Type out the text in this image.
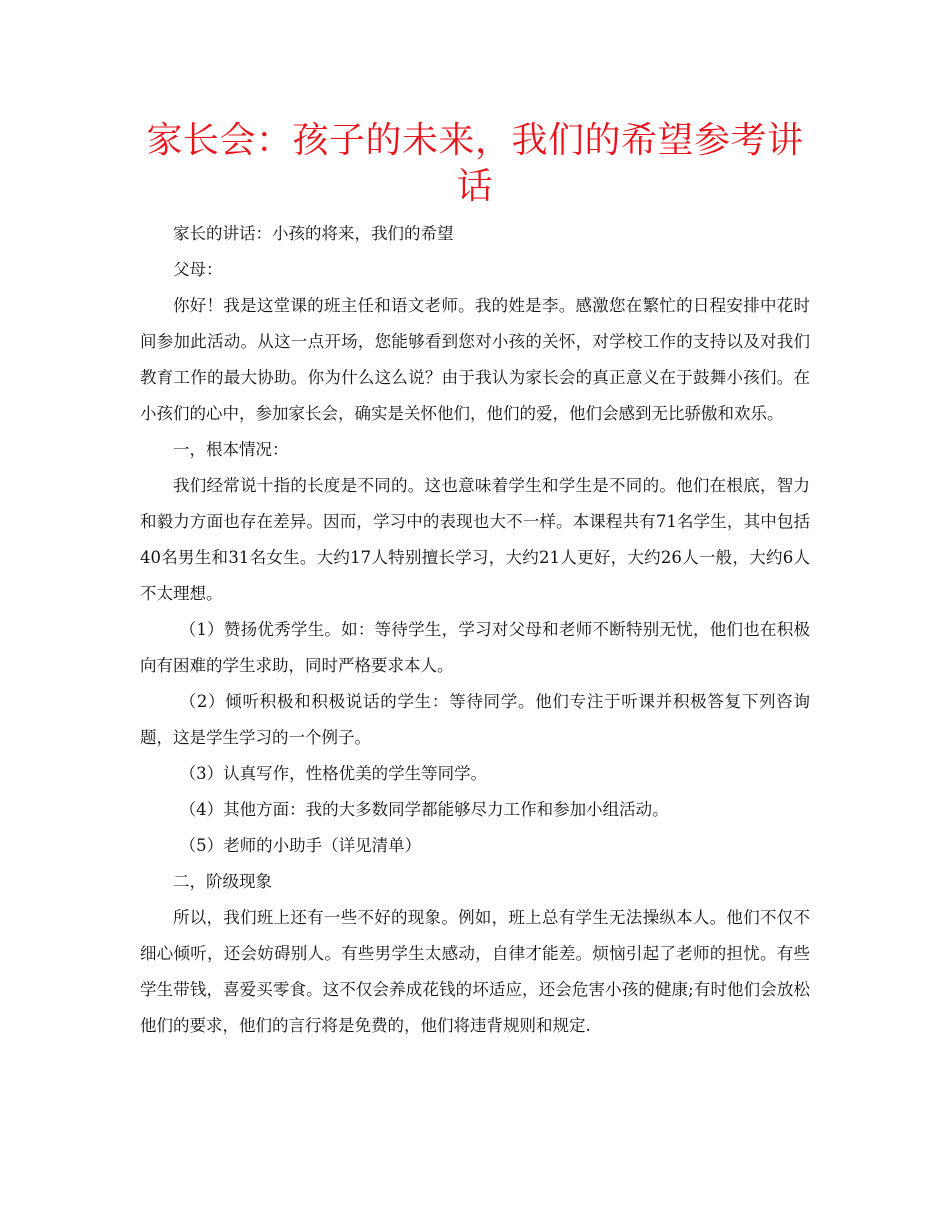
家长会：孩子的未来，我们的希望参考讲话

家长的讲话：小孩的将来，我们的希望

父母：

你好！我是这堂课的班主任和语文老师。我的姓是李。感激您在繁忙的日程安排中花时间参加此活动。从这一点开场，您能够看到您对小孩的关怀，对学校工作的支持以及对我们教育工作的最大协助。你为什么这么说？由于我认为家长会的真正意义在于鼓舞小孩们。在小孩们的心中，参加家长会，确实是关怀他们，他们的爱，他们会感到无比骄傲和欢乐。

一，根本情况：

我们经常说十指的长度是不同的。这也意味着学生和学生是不同的。他们在根底，智力和毅力方面也存在差异。因而，学习中的表现也大不一样。本课程共有71名学生，其中包括40名男生和31名女生。大约17人特别擅长学习，大约21人更好，大约26人一般，大约6人不太理想。

（1）赞扬优秀学生。如：等待学生，学习对父母和老师不断特别无忧，他们也在积极向有困难的学生求助，同时严格要求本人。

（2）倾听积极和积极说话的学生：等待同学。他们专注于听课并积极答复下列咨询题，这是学生学习的一个例子。

（3）认真写作，性格优美的学生等同学。

（4）其他方面：我的大多数同学都能够尽力工作和参加小组活动。

（5）老师的小助手（详见清单）

二，阶级现象

所以，我们班上还有一些不好的现象。例如，班上总有学生无法操纵本人。他们不仅不细心倾听，还会妨碍别人。有些男学生太感动，自律才能差。烦恼引起了老师的担忧。有些学生带钱，喜爱买零食。这不仅会养成花钱的坏适应，还会危害小孩的健康;有时他们会放松他们的要求，他们的言行将是免费的，他们将违背规则和规定.
